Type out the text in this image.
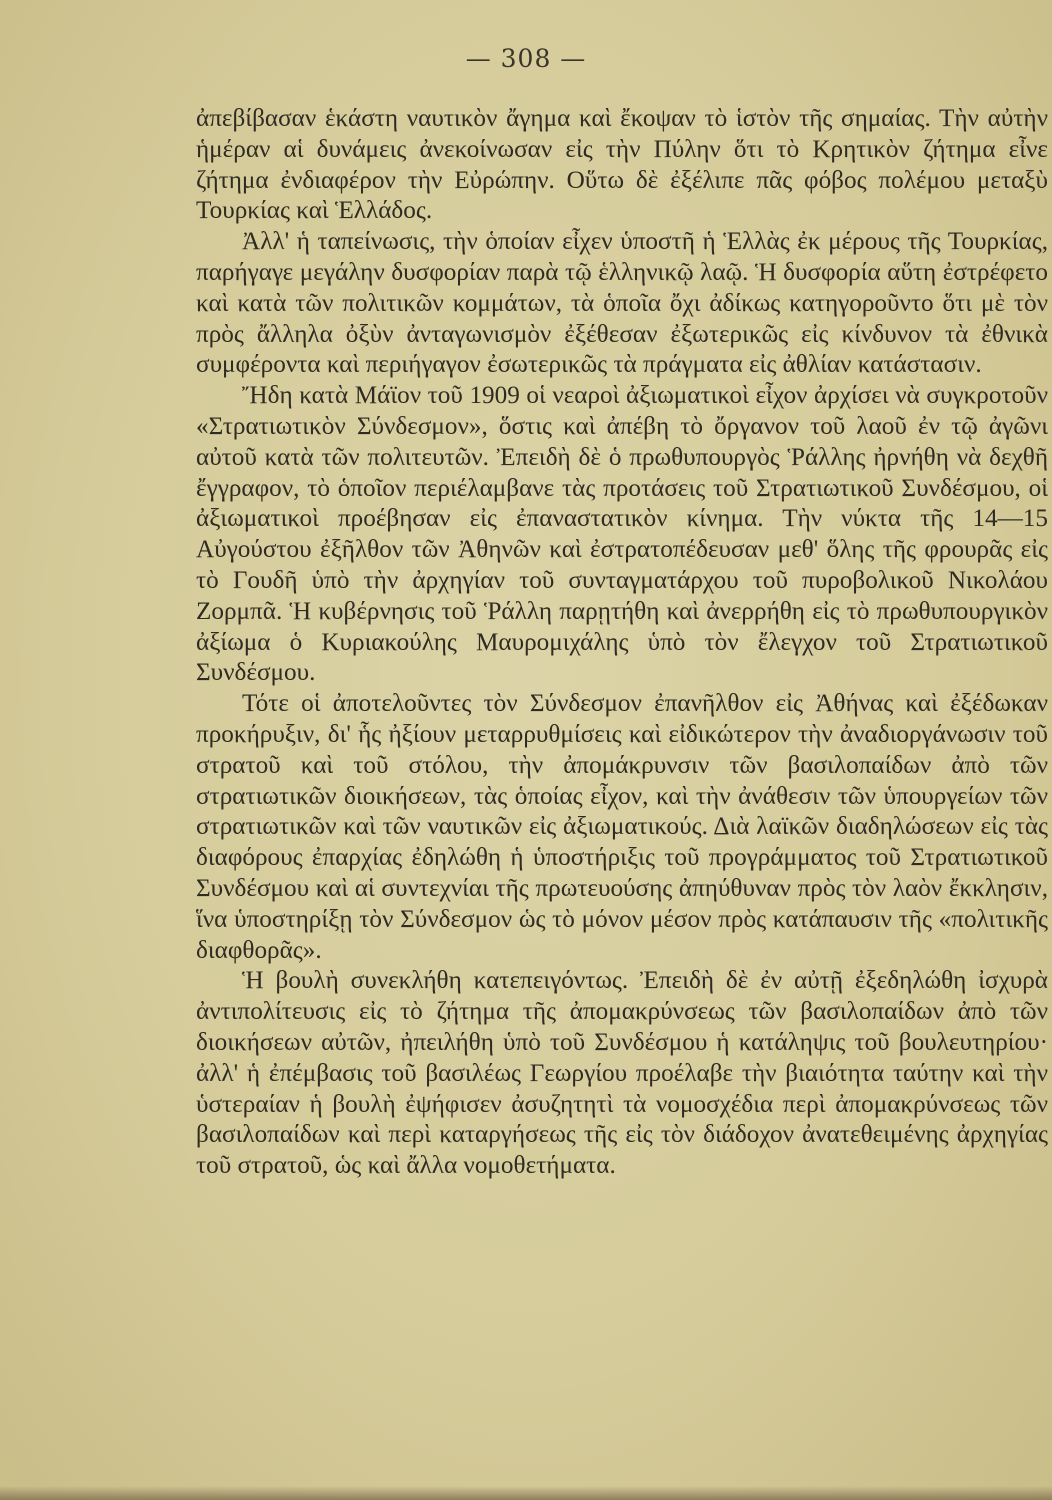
— 308 —

ἀπεβίβασαν ἑκάστη ναυτικὸν ἄγημα καὶ ἔκοψαν τὸ ἱστὸν τῆς σημαίας. Τὴν αὐτὴν ἡμέραν αἱ δυνάμεις ἀνεκοίνωσαν εἰς τὴν Πύλην ὅτι τὸ Κρητικὸν ζήτημα εἶνε ζήτημα ἐνδιαφέρον τὴν Εὐρώπην. Οὕτω δὲ ἐξέλιπε πᾶς φόβος πολέμου μεταξὺ Τουρκίας καὶ Ἑλλάδος.

Ἀλλ' ἡ ταπείνωσις, τὴν ὁποίαν εἶχεν ὑποστῆ ἡ Ἑλλὰς ἐκ μέρους τῆς Τουρκίας, παρήγαγε μεγάλην δυσφορίαν παρὰ τῷ ἑλληνικῷ λαῷ. Ἡ δυσφορία αὕτη ἐστρέφετο καὶ κατὰ τῶν πολιτικῶν κομμάτων, τὰ ὁποῖα ὄχι ἀδίκως κατηγοροῦντο ὅτι μὲ τὸν πρὸς ἄλληλα ὀξὺν ἀνταγωνισμὸν ἐξέθεσαν ἐξωτερικῶς εἰς κίνδυνον τὰ ἐθνικὰ συμφέροντα καὶ περιήγαγον ἐσωτερικῶς τὰ πράγματα εἰς ἀθλίαν κατάστασιν.

Ἤδη κατὰ Μάϊον τοῦ 1909 οἱ νεαροὶ ἀξιωματικοὶ εἶχον ἀρχίσει νὰ συγκροτοῦν «Στρατιωτικὸν Σύνδεσμον», ὅστις καὶ ἀπέβη τὸ ὄργανον τοῦ λαοῦ ἐν τῷ ἀγῶνι αὐτοῦ κατὰ τῶν πολιτευτῶν. Ἐπειδὴ δὲ ὁ πρωθυπουργὸς Ῥάλλης ἠρνήθη νὰ δεχθῆ ἔγγραφον, τὸ ὁποῖον περιέλαμβανε τὰς προτάσεις τοῦ Στρατιωτικοῦ Συνδέσμου, οἱ ἀξιωματικοὶ προέβησαν εἰς ἐπαναστατικὸν κίνημα. Τὴν νύκτα τῆς 14—15 Αὐγούστου ἐξῆλθον τῶν Ἀθηνῶν καὶ ἐστρατοπέδευσαν μεθ' ὅλης τῆς φρουρᾶς εἰς τὸ Γουδῆ ὑπὸ τὴν ἀρχηγίαν τοῦ συνταγματάρχου τοῦ πυροβολικοῦ Νικολάου Ζορμπᾶ. Ἡ κυβέρνησις τοῦ Ῥάλλη παρῃτήθη καὶ ἀνερρήθη εἰς τὸ πρωθυπουργικὸν ἀξίωμα ὁ Κυριακούλης Μαυρομιχάλης ὑπὸ τὸν ἔλεγχον τοῦ Στρατιωτικοῦ Συνδέσμου.

Τότε οἱ ἀποτελοῦντες τὸν Σύνδεσμον ἐπανῆλθον εἰς Ἀθήνας καὶ ἐξέδωκαν προκήρυξιν, δι' ἧς ἠξίουν μεταρρυθμίσεις καὶ εἰδικώτερον τὴν ἀναδιοργάνωσιν τοῦ στρατοῦ καὶ τοῦ στόλου, τὴν ἀπομάκρυνσιν τῶν βασιλοπαίδων ἀπὸ τῶν στρατιωτικῶν διοικήσεων, τὰς ὁποίας εἶχον, καὶ τὴν ἀνάθεσιν τῶν ὑπουργείων τῶν στρατιωτικῶν καὶ τῶν ναυτικῶν εἰς ἀξιωματικούς. Διὰ λαϊκῶν διαδηλώσεων εἰς τὰς διαφόρους ἐπαρχίας ἐδηλώθη ἡ ὑποστήριξις τοῦ προγράμματος τοῦ Στρατιωτικοῦ Συνδέσμου καὶ αἱ συντεχνίαι τῆς πρωτευούσης ἀπηύθυναν πρὸς τὸν λαὸν ἔκκλησιν, ἵνα ὑποστηρίξῃ τὸν Σύνδεσμον ὡς τὸ μόνον μέσον πρὸς κατάπαυσιν τῆς «πολιτικῆς διαφθορᾶς».

Ἡ βουλὴ συνεκλήθη κατεπειγόντως. Ἐπειδὴ δὲ ἐν αὐτῇ ἐξεδηλώθη ἰσχυρὰ ἀντιπολίτευσις εἰς τὸ ζήτημα τῆς ἀπομακρύνσεως τῶν βασιλοπαίδων ἀπὸ τῶν διοικήσεων αὐτῶν, ἠπειλήθη ὑπὸ τοῦ Συνδέσμου ἡ κατάληψις τοῦ βουλευτηρίου· ἀλλ' ἡ ἐπέμβασις τοῦ βασιλέως Γεωργίου προέλαβε τὴν βιαιότητα ταύτην καὶ τὴν ὑστεραίαν ἡ βουλὴ ἐψήφισεν ἀσυζητητὶ τὰ νομοσχέδια περὶ ἀπομακρύνσεως τῶν βασιλοπαίδων καὶ περὶ καταργήσεως τῆς εἰς τὸν διάδοχον ἀνατεθειμένης ἀρχηγίας τοῦ στρατοῦ, ὡς καὶ ἄλλα νομοθετήματα.
